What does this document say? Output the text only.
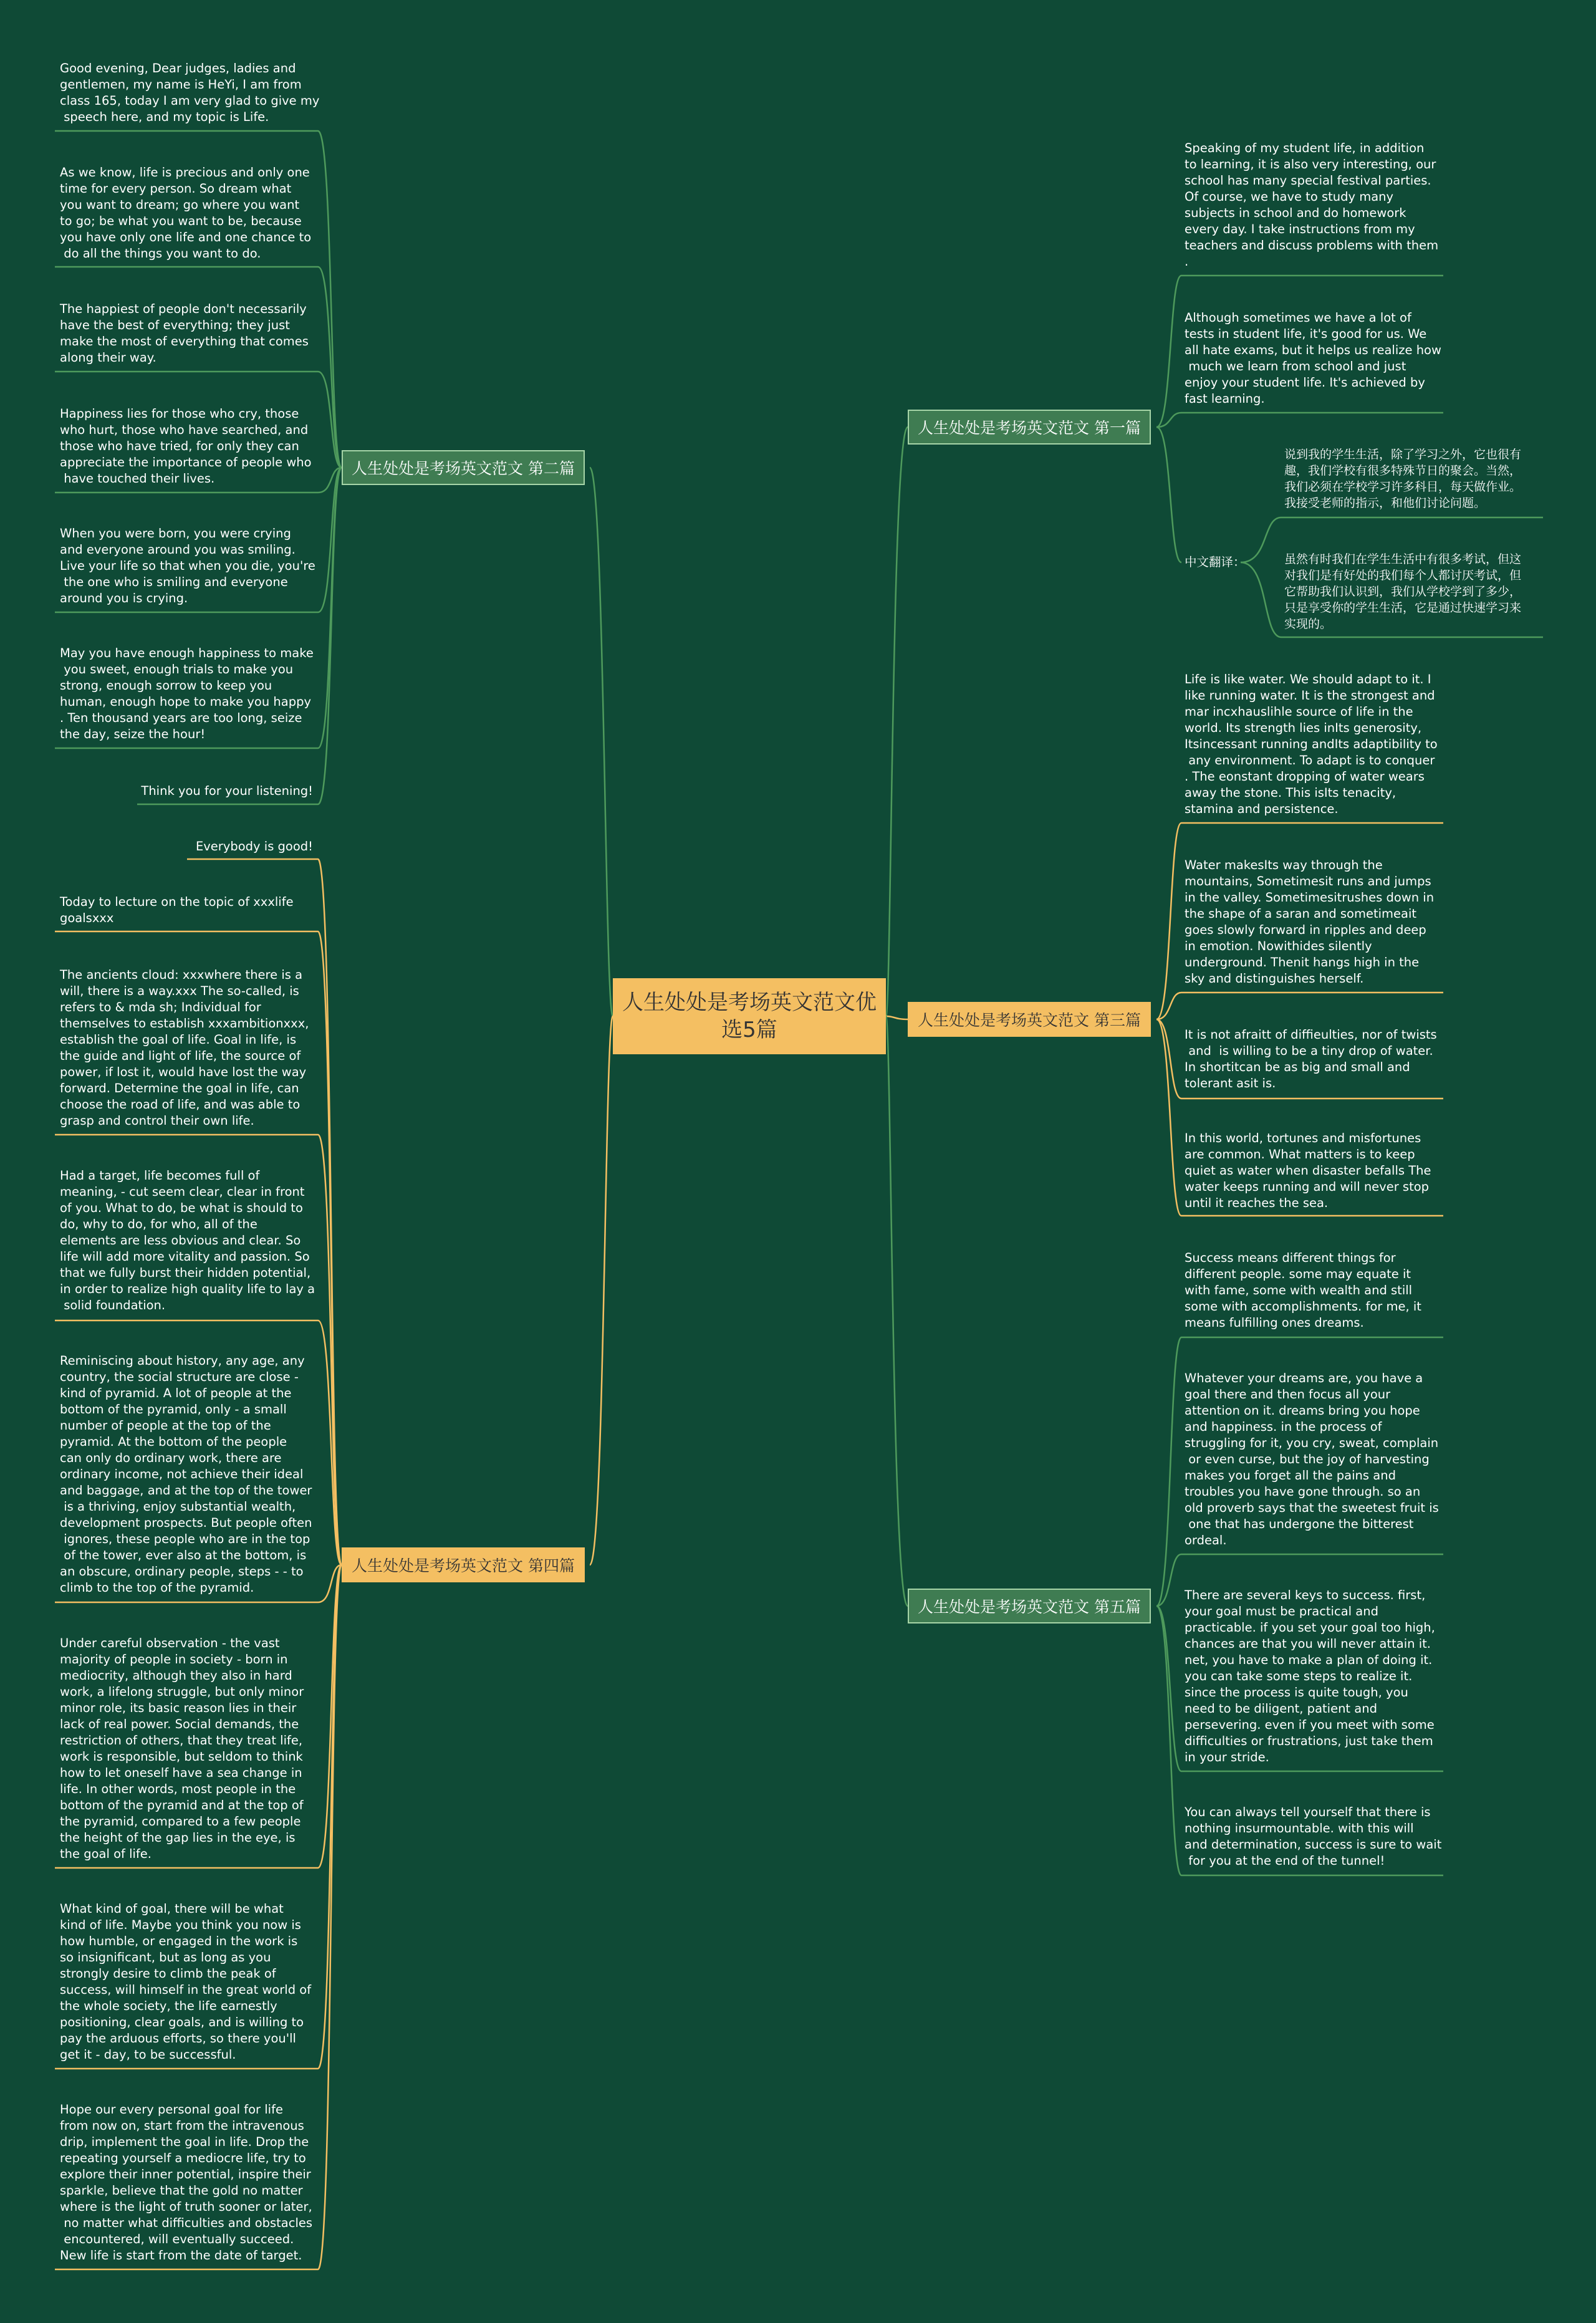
人生处处是考场英文范文优选5篇
人生处处是考场英文范文 第一篇
人生处处是考场英文范文 第三篇
人生处处是考场英文范文 第五篇
人生处处是考场英文范文 第二篇
人生处处是考场英文范文 第四篇

Speaking of my student life, in addition
to learning, it is also very interesting, our
school has many special festival parties.
Of course, we have to study many
subjects in school and do homework
every day. I take instructions from my
teachers and discuss problems with them
.

Although sometimes we have a lot of
tests in student life, it's good for us. We
all hate exams, but it helps us realize how
much we learn from school and just
enjoy your student life. It's achieved by
fast learning.

中文翻译：

说到我的学生生活，除了学习之外，它也很有
趣，我们学校有很多特殊节日的聚会。当然，
我们必须在学校学习许多科目，每天做作业。
我接受老师的指示，和他们讨论问题。

虽然有时我们在学生生活中有很多考试，但这
对我们是有好处的我们每个人都讨厌考试，但
它帮助我们认识到，我们从学校学到了多少，
只是享受你的学生生活，它是通过快速学习来
实现的。

Life is like water. We should adapt to it. I
like running water. It is the strongest and
mar incxhauslihle source of life in the
world. Its strength lies inIts generosity,
Itsincessant running andIts adaptibility to
any environment. To adapt is to conquer
. The eonstant dropping of water wears
away the stone. This isIts tenacity,
stamina and persistence.

Water makesIts way through the
mountains, Sometimesit runs and jumps
in the valley. Sometimesitrushes down in
the shape of a saran and sometimeait
goes slowly forward in ripples and deep
in emotion. Nowithides silently
underground. Thenit hangs high in the
sky and distinguishes herself.

It is not afraitt of diffieulties, nor of twists
and  is willing to be a tiny drop of water.
In shortitcan be as big and small and
tolerant asit is.

In this world, tortunes and misfortunes
are common. What matters is to keep
quiet as water when disaster befalls The
water keeps running and will never stop
until it reaches the sea.

Success means different things for
different people. some may equate it
with fame, some with wealth and still
some with accomplishments. for me, it
means fulfilling ones dreams.

Whatever your dreams are, you have a
goal there and then focus all your
attention on it. dreams bring you hope
and happiness. in the process of
struggling for it, you cry, sweat, complain
or even curse, but the joy of harvesting
makes you forget all the pains and
troubles you have gone through. so an
old proverb says that the sweetest fruit is
one that has undergone the bitterest
ordeal.

There are several keys to success. first,
your goal must be practical and
practicable. if you set your goal too high,
chances are that you will never attain it.
net, you have to make a plan of doing it.
you can take some steps to realize it.
since the process is quite tough, you
need to be diligent, patient and
persevering. even if you meet with some
difficulties or frustrations, just take them
in your stride.

You can always tell yourself that there is
nothing insurmountable. with this will
and determination, success is sure to wait
for you at the end of the tunnel!

Good evening, Dear judges, ladies and
gentlemen, my name is HeYi, I am from
class 165, today I am very glad to give my
speech here, and my topic is Life.

As we know, life is precious and only one
time for every person. So dream what
you want to dream; go where you want
to go; be what you want to be, because
you have only one life and one chance to
do all the things you want to do.

The happiest of people don't necessarily
have the best of everything; they just
make the most of everything that comes
along their way.

Happiness lies for those who cry, those
who hurt, those who have searched, and
those who have tried, for only they can
appreciate the importance of people who
have touched their lives.

When you were born, you were crying
and everyone around you was smiling.
Live your life so that when you die, you're
the one who is smiling and everyone
around you is crying.

May you have enough happiness to make
you sweet, enough trials to make you
strong, enough sorrow to keep you
human, enough hope to make you happy
. Ten thousand years are too long, seize
the day, seize the hour!

Think you for your listening!

Everybody is good!

Today to lecture on the topic of xxxlife
goalsxxx

The ancients cloud: xxxwhere there is a
will, there is a way.xxx The so-called, is
refers to & mda sh; Individual for
themselves to establish xxxambitionxxx,
establish the goal of life. Goal in life, is
the guide and light of life, the source of
power, if lost it, would have lost the way
forward. Determine the goal in life, can
choose the road of life, and was able to
grasp and control their own life.

Had a target, life becomes full of
meaning, - cut seem clear, clear in front
of you. What to do, be what is should to
do, why to do, for who, all of the
elements are less obvious and clear. So
life will add more vitality and passion. So
that we fully burst their hidden potential,
in order to realize high quality life to lay a
solid foundation.

Reminiscing about history, any age, any
country, the social structure are close -
kind of pyramid. A lot of people at the
bottom of the pyramid, only - a small
number of people at the top of the
pyramid. At the bottom of the people
can only do ordinary work, there are
ordinary income, not achieve their ideal
and baggage, and at the top of the tower
is a thriving, enjoy substantial wealth,
development prospects. But people often
ignores, these people who are in the top
of the tower, ever also at the bottom, is
an obscure, ordinary people, steps - - to
climb to the top of the pyramid.

Under careful observation - the vast
majority of people in society - born in
mediocrity, although they also in hard
work, a lifelong struggle, but only minor
minor role, its basic reason lies in their
lack of real power. Social demands, the
restriction of others, that they treat life,
work is responsible, but seldom to think
how to let oneself have a sea change in
life. In other words, most people in the
bottom of the pyramid and at the top of
the pyramid, compared to a few people
the height of the gap lies in the eye, is
the goal of life.

What kind of goal, there will be what
kind of life. Maybe you think you now is
how humble, or engaged in the work is
so insignificant, but as long as you
strongly desire to climb the peak of
success, will himself in the great world of
the whole society, the life earnestly
positioning, clear goals, and is willing to
pay the arduous efforts, so there you'll
get it - day, to be successful.

Hope our every personal goal for life
from now on, start from the intravenous
drip, implement the goal in life. Drop the
repeating yourself a mediocre life, try to
explore their inner potential, inspire their
sparkle, believe that the gold no matter
where is the light of truth sooner or later,
no matter what difficulties and obstacles
encountered, will eventually succeed.
New life is start from the date of target.
